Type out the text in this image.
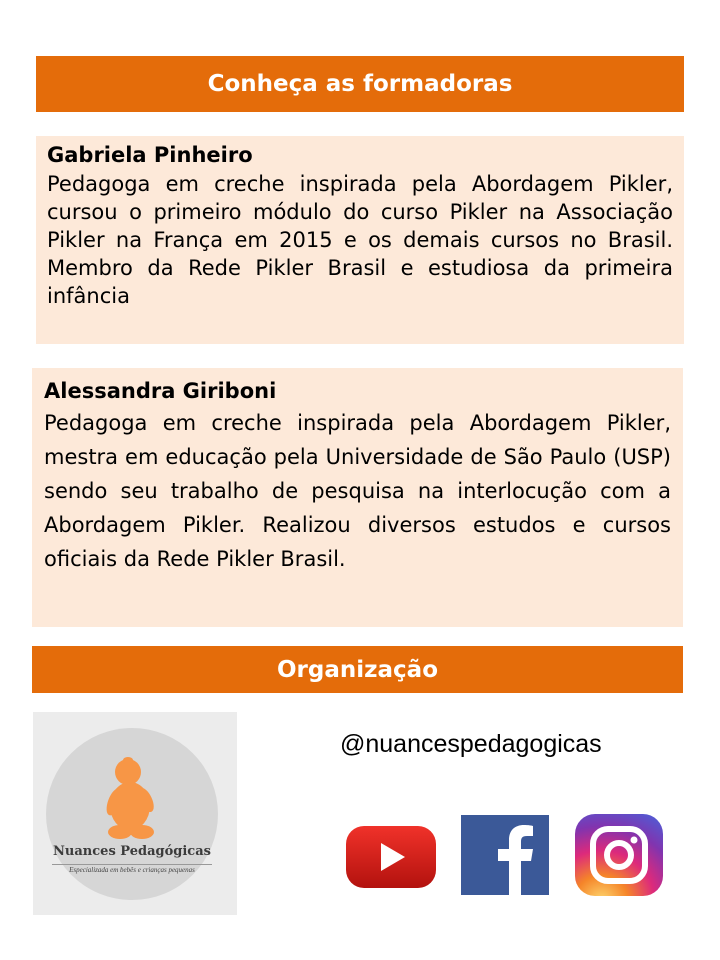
Conheça as formadoras
Gabriela Pinheiro
Pedagoga em creche inspirada pela Abordagem Pikler, cursou o primeiro módulo do curso Pikler na Associação Pikler na França em 2015 e os demais cursos no Brasil. Membro da Rede Pikler Brasil e estudiosa da primeira infância
Alessandra Giriboni
Pedagoga em creche inspirada pela Abordagem Pikler, mestra em educação pela Universidade de São Paulo (USP) sendo seu trabalho de pesquisa na interlocução com a Abordagem Pikler. Realizou diversos estudos e cursos oficiais da Rede Pikler Brasil.
Organização
Nuances Pedagógicas
Especializada em bebês e crianças pequenas
@nuancespedagogicas
